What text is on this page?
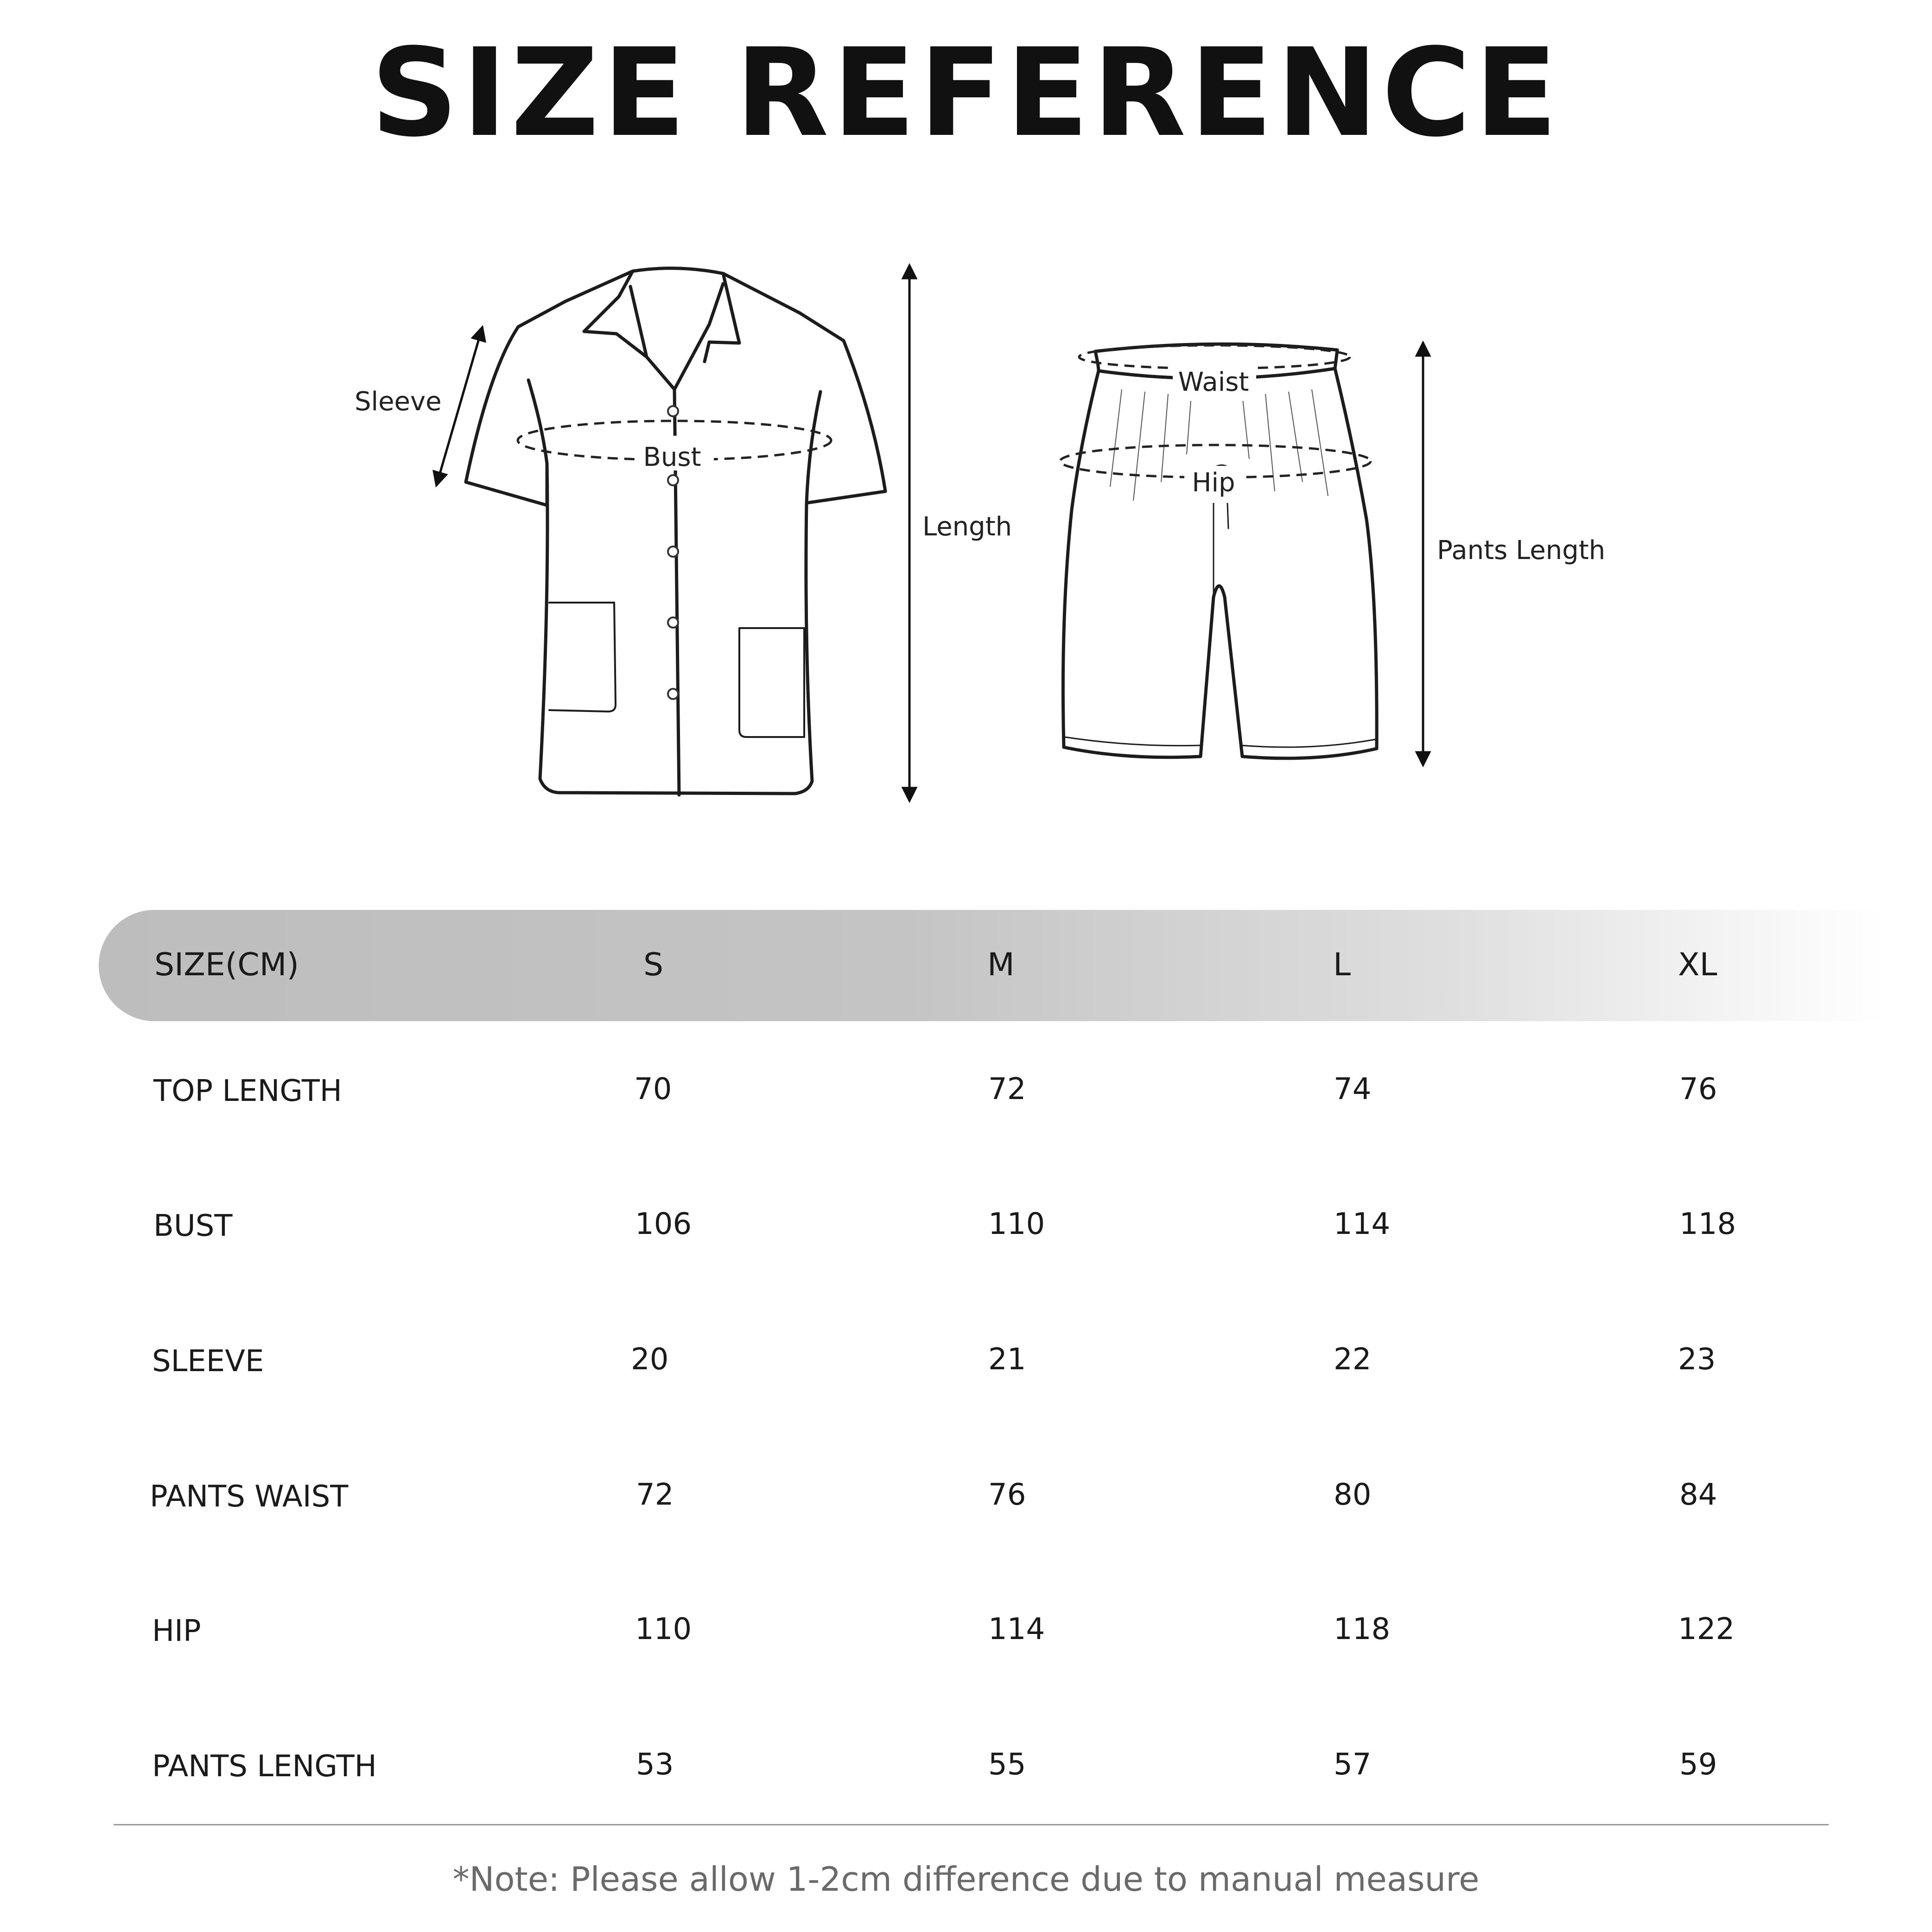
SIZE REFERENCE
Bust
Sleeve
Length
Waist
Hip
Pants Length
SIZE(CM)	S	M	L	XL
TOP LENGTH	70	72	74	76
BUST	106	110	114	118
SLEEVE	20	21	22	23
PANTS WAIST	72	76	80	84
HIP	110	114	118	122
PANTS LENGTH	53	55	57	59
*Note: Please allow 1-2cm difference due to manual measure
